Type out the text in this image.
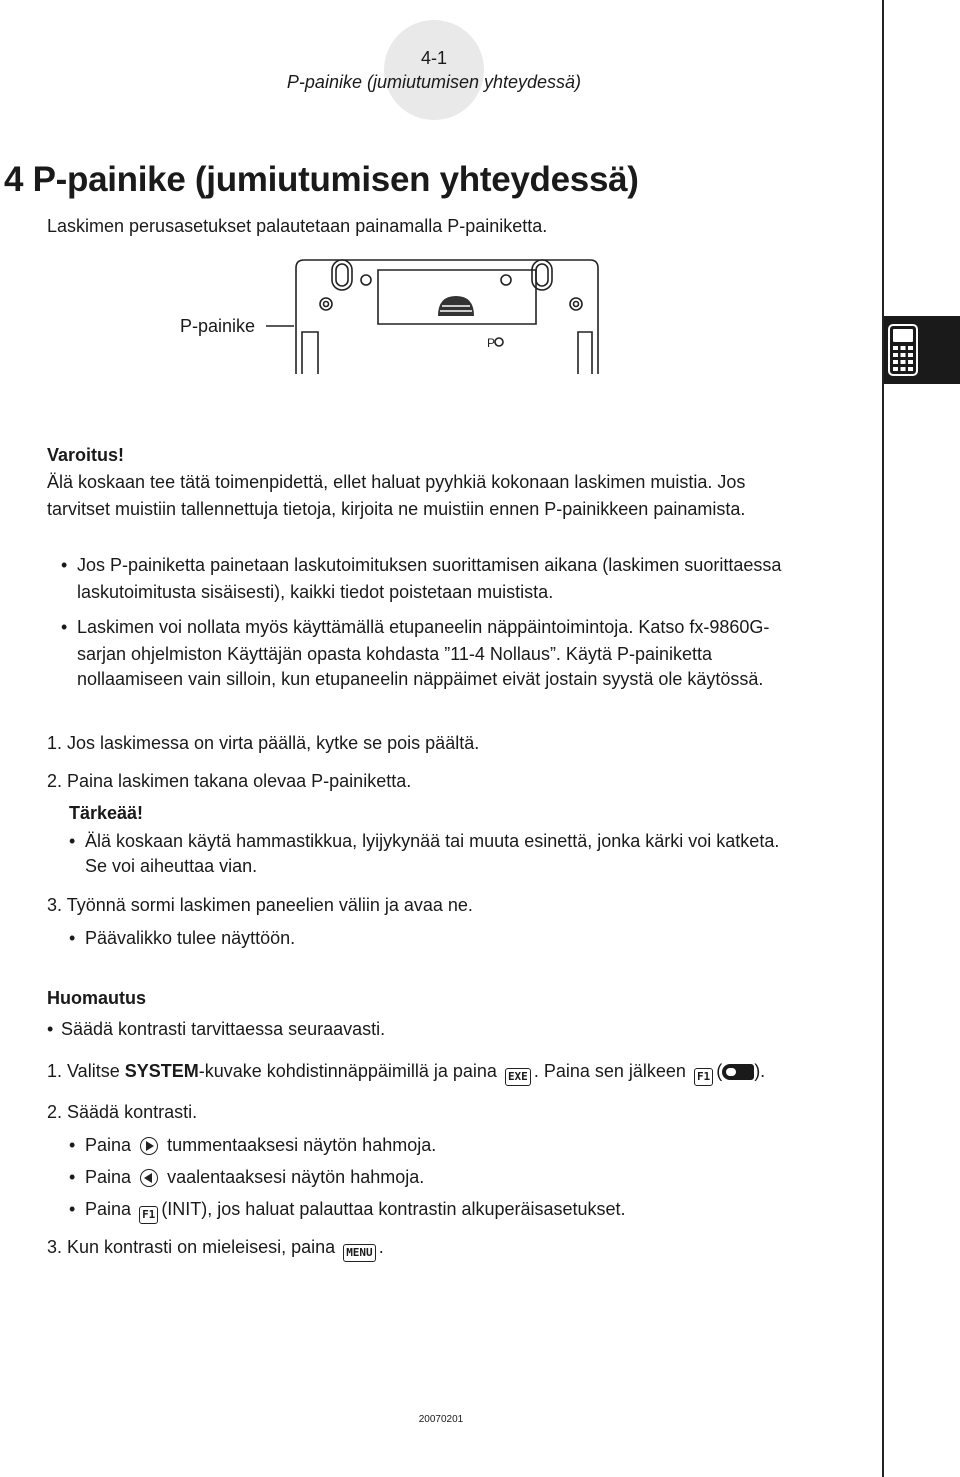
4-1
P-painike (jumiutumisen yhteydessä)
4 P-painike (jumiutumisen yhteydessä)
Laskimen perusasetukset palautetaan painamalla P-painiketta.
P-painike
P
Varoitus!
Älä koskaan tee tätä toimenpidettä, ellet haluat pyyhkiä kokonaan laskimen muistia. Jos
tarvitset muistiin tallennettuja tietoja, kirjoita ne muistiin ennen P-painikkeen painamista.
• Jos P-painiketta painetaan laskutoimituksen suorittamisen aikana (laskimen suorittaessa
laskutoimitusta sisäisesti), kaikki tiedot poistetaan muistista.
• Laskimen voi nollata myös käyttämällä etupaneelin näppäintoimintoja. Katso fx-9860G-
sarjan ohjelmiston Käyttäjän opasta kohdasta ”11-4 Nollaus”. Käytä P-painiketta
nollaamiseen vain silloin, kun etupaneelin näppäimet eivät jostain syystä ole käytössä.
1. Jos laskimessa on virta päällä, kytke se pois päältä.
2. Paina laskimen takana olevaa P-painiketta.
Tärkeää!
• Älä koskaan käytä hammastikkua, lyijykynää tai muuta esinettä, jonka kärki voi katketa.
Se voi aiheuttaa vian.
3. Työnnä sormi laskimen paneelien väliin ja avaa ne.
• Päävalikko tulee näyttöön.
Huomautus
• Säädä kontrasti tarvittaessa seuraavasti.
1. Valitse SYSTEM-kuvake kohdistinnäppäimillä ja paina EXE . Paina sen jälkeen F1 ( ).
2. Säädä kontrasti.
• Paina tummentaaksesi näytön hahmoja.
• Paina vaalentaaksesi näytön hahmoja.
• Paina F1 (INIT), jos haluat palauttaa kontrastin alkuperäisasetukset.
3. Kun kontrasti on mieleisesi, paina MENU .
20070201
